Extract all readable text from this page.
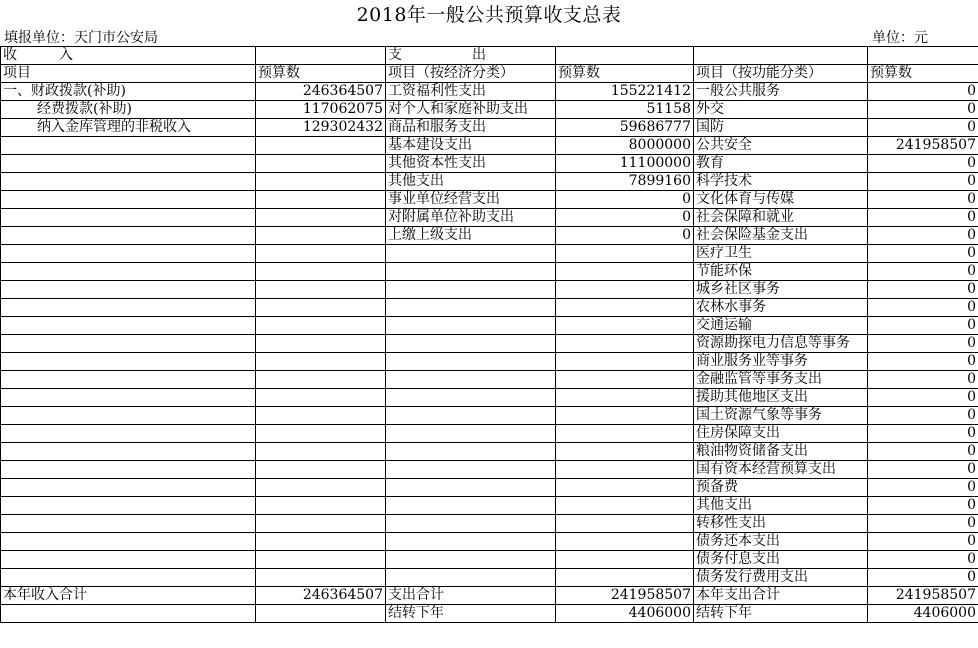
2018年一般公共预算收支总表
填报单位：天门市公安局	单位：元
收　　　入		支　　　　　出			
项目	预算数	项目（按经济分类）	预算数	项目（按功能分类）	预算数
一、财政拨款(补助)	246364507	工资福利性支出	155221412	一般公共服务	0
经费拨款(补助)	117062075	对个人和家庭补助支出	51158	外交	0
纳入金库管理的非税收入	129302432	商品和服务支出	59686777	国防	0
		基本建设支出	8000000	公共安全	241958507
		其他资本性支出	11100000	教育	0
		其他支出	7899160	科学技术	0
		事业单位经营支出	0	文化体育与传媒	0
		对附属单位补助支出	0	社会保障和就业	0
		上缴上级支出	0	社会保险基金支出	0
				医疗卫生	0
				节能环保	0
				城乡社区事务	0
				农林水事务	0
				交通运输	0
				资源勘探电力信息等事务	0
				商业服务业等事务	0
				金融监管等事务支出	0
				援助其他地区支出	0
				国土资源气象等事务	0
				住房保障支出	0
				粮油物资储备支出	0
				国有资本经营预算支出	0
				预备费	0
				其他支出	0
				转移性支出	0
				债务还本支出	0
				债务付息支出	0
				债务发行费用支出	0
本年收入合计	246364507	支出合计	241958507	本年支出合计	241958507
		结转下年	4406000	结转下年	4406000
